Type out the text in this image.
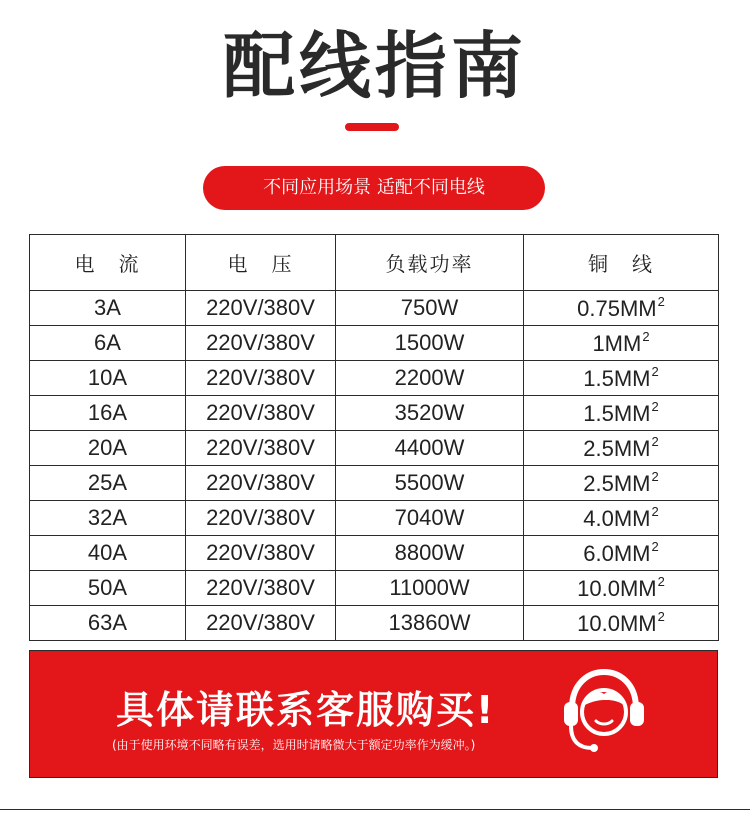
配线指南
不同应用场景 适配不同电线
电　流	电　压	负载功率	铜　线
3A	220V/380V	750W	$0.75MM^2$
6A	220V/380V	1500W	$1MM^2$
10A	220V/380V	2200W	$1.5MM^2$
16A	220V/380V	3520W	$1.5MM^2$
20A	220V/380V	4400W	$2.5MM^2$
25A	220V/380V	5500W	$2.5MM^2$
32A	220V/380V	7040W	$4.0MM^2$
40A	220V/380V	8800W	$6.0MM^2$
50A	220V/380V	11000W	$10.0MM^2$
63A	220V/380V	13860W	$10.0MM^2$
具体请联系客服购买!
(由于使用环境不同略有误差，选用时请略微大于额定功率作为缓冲。)
